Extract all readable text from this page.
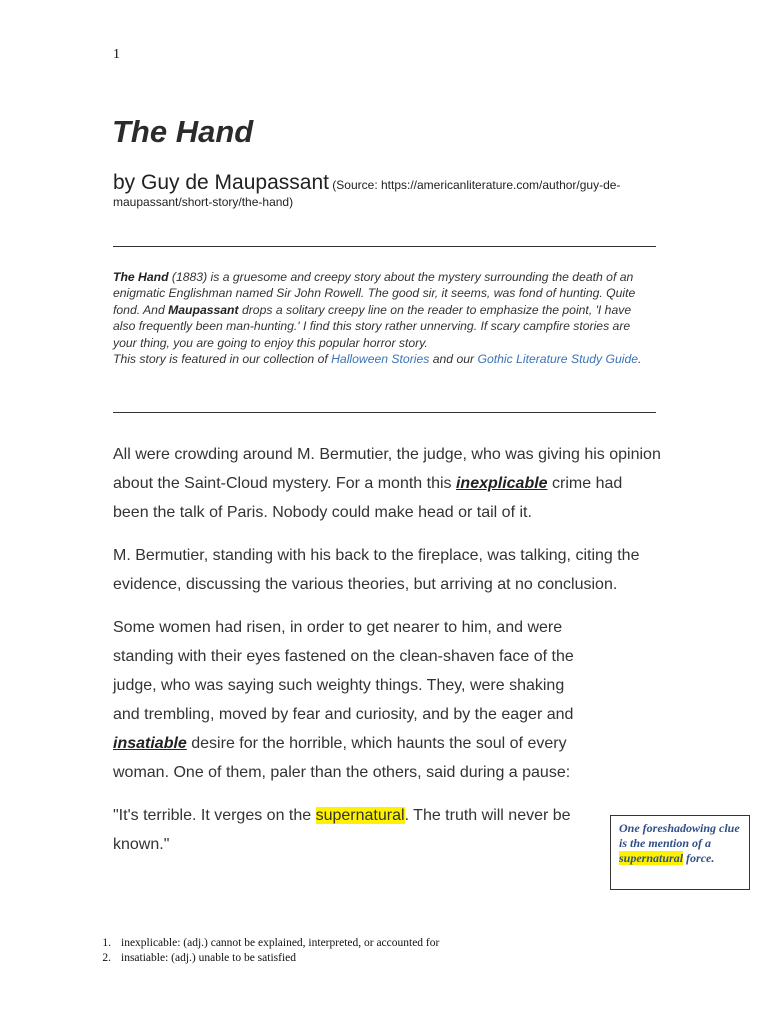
1
The Hand
by Guy de Maupassant (Source: https://americanliterature.com/author/guy-de-maupassant/short-story/the-hand)

The Hand (1883) is a gruesome and creepy story about the mystery surrounding the death of an enigmatic Englishman named Sir John Rowell. The good sir, it seems, was fond of hunting. Quite fond. And Maupassant drops a solitary creepy line on the reader to emphasize the point, 'I have also frequently been man-hunting.' I find this story rather unnerving. If scary campfire stories are your thing, you are going to enjoy this popular horror story.

This story is featured in our collection of Halloween Stories and our Gothic Literature Study Guide.

All were crowding around M. Bermutier, the judge, who was giving his opinion about the Saint-Cloud mystery. For a month this inexplicable crime had been the talk of Paris. Nobody could make head or tail of it.

M. Bermutier, standing with his back to the fireplace, was talking, citing the evidence, discussing the various theories, but arriving at no conclusion.

Some women had risen, in order to get nearer to him, and were standing with their eyes fastened on the clean-shaven face of the judge, who was saying such weighty things. They, were shaking and trembling, moved by fear and curiosity, and by the eager and insatiable desire for the horrible, which haunts the soul of every woman. One of them, paler than the others, said during a pause:

"It's terrible. It verges on the supernatural. The truth will never be known."

One foreshadowing clue is the mention of a supernatural force.
1. inexplicable: (adj.) cannot be explained, interpreted, or accounted for
2. insatiable: (adj.) unable to be satisfied
